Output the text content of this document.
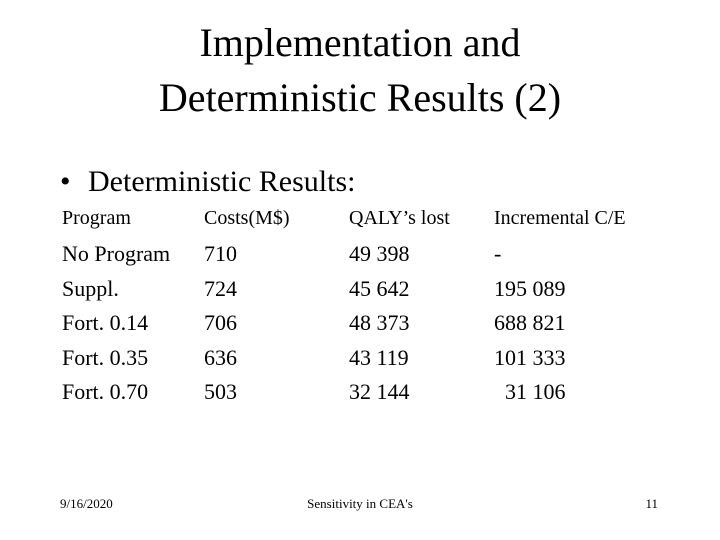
Implementation and
Deterministic Results (2)
• Deterministic Results:
Program
No Program
Suppl.
Fort. 0.14
Fort. 0.35
Fort. 0.70
Costs(M$)
710
724
706
636
503
QALY’s lost
49 398
45 642
48 373
43 119
32 144
Incremental C/E
-
195 089
688 821
101 333
31 106
9/16/2020	Sensitivity in CEA's	11
